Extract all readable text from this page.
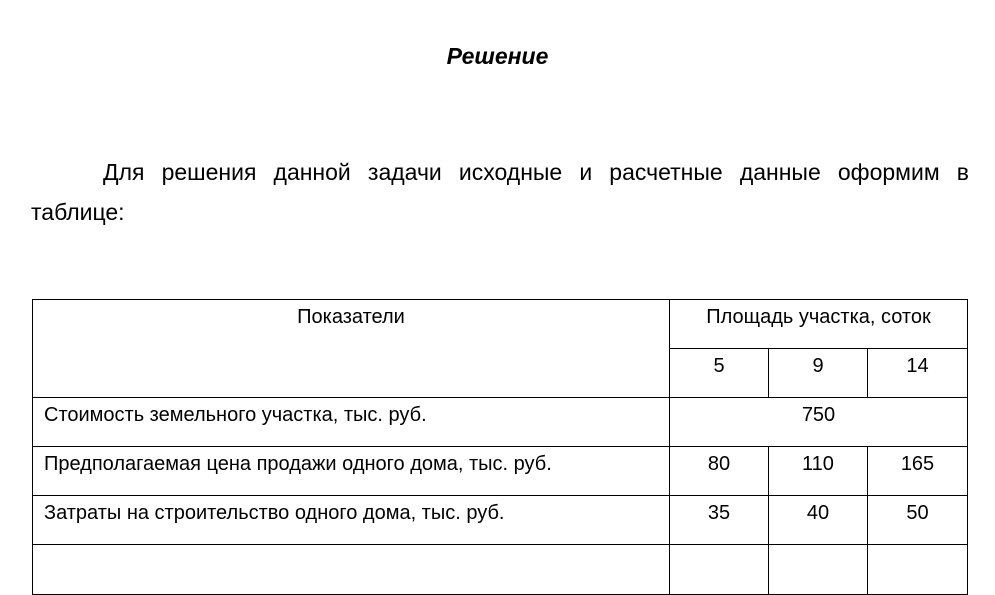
Решение
Для решения данной задачи исходные и расчетные данные оформим в таблице:
Показатели	Площадь участка, соток		
	5	9	14
Стоимость земельного участка, тыс. руб.	750		
Предполагаемая цена продажи одного дома, тыс. руб.	80	110	165
Затраты на строительство одного дома, тыс. руб.	35	40	50
